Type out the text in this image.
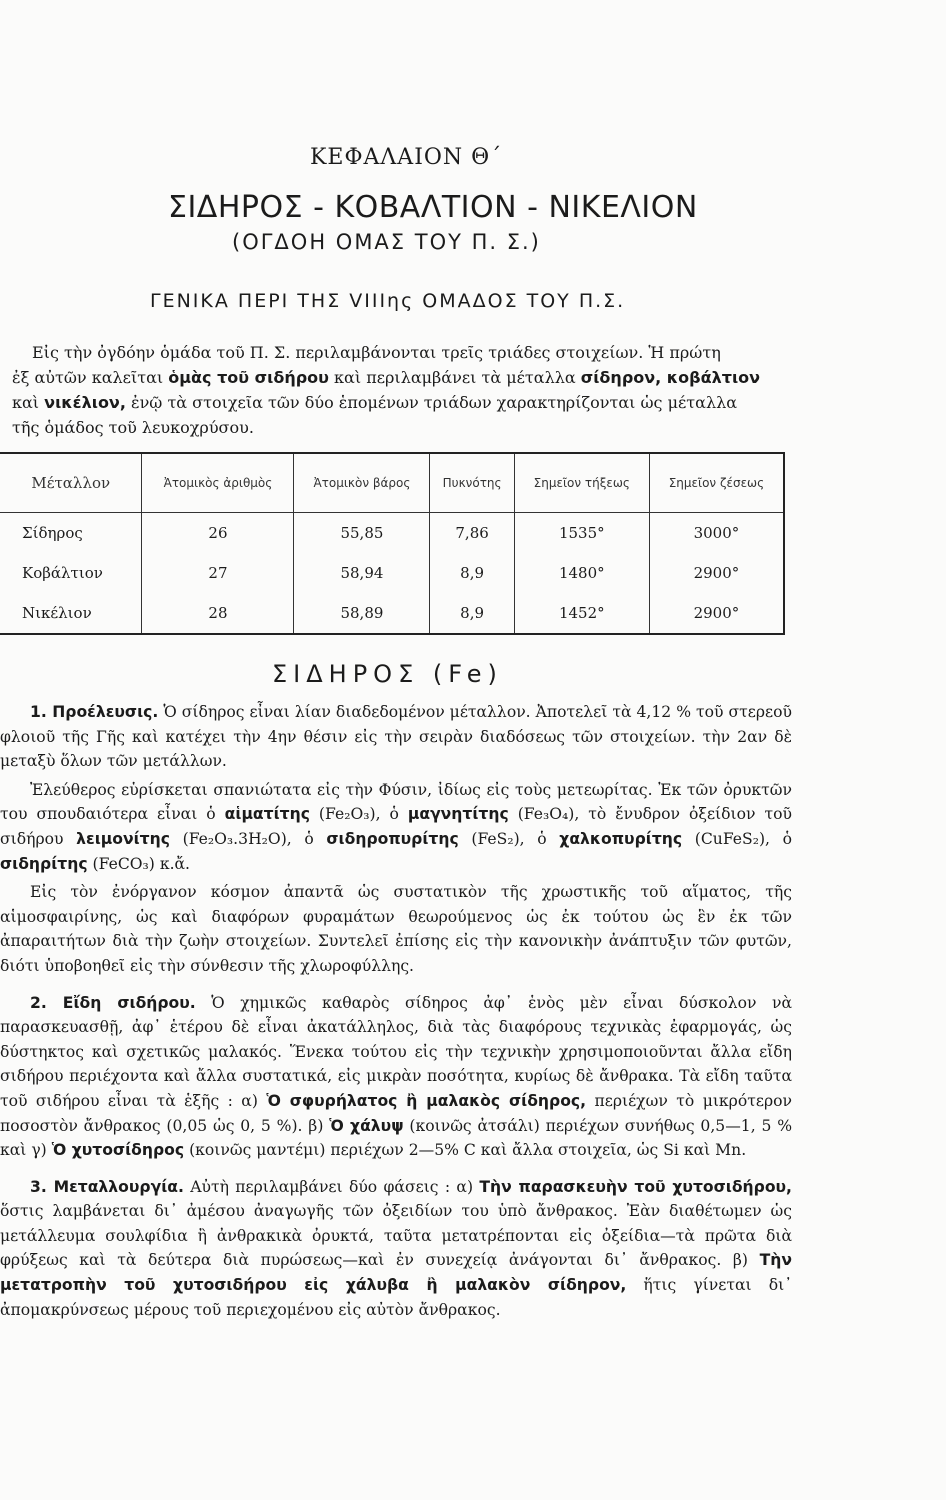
ΚΕΦΑΛΑΙΟΝ Θ΄
ΣΙΔΗΡΟΣ - ΚΟΒΑΛΤΙΟΝ - ΝΙΚΕΛΙΟΝ
(ΟΓΔΟΗ ΟΜΑΣ ΤΟΥ Π. Σ.)
ΓΕΝΙΚΑ ΠΕΡΙ ΤΗΣ VIIIης ΟΜΑΔΟΣ ΤΟΥ Π.Σ.

Εἰς τὴν ὀγδόην ὁμάδα τοῦ Π. Σ. περιλαμβάνονται τρεῖς τριάδες στοιχείων. Ἡ πρώτη

ἐξ αὐτῶν καλεῖται ὁμὰς τοῦ σιδήρου καὶ περιλαμβάνει τὰ μέταλλα σίδηρον, κοβάλτιον

καὶ νικέλιον, ἐνῷ τὰ στοιχεῖα τῶν δύο ἑπομένων τριάδων χαρακτηρίζονται ὡς μέταλλα

τῆς ὁμάδος τοῦ λευκοχρύσου.

Μέταλλον	Ἀτομικὸς ἀριθμὸς	Ἀτομικὸν βάρος	Πυκνότης	Σημεῖον τήξεως	Σημεῖον ζέσεως
Σίδηρος	26	55,85	7,86	1535°	3000°
Κοβάλτιον	27	58,94	8,9	1480°	2900°
Νικέλιον	28	58,89	8,9	1452°	2900°
ΣΙΔΗΡΟΣ (Fe)

1. Προέλευσις. Ὁ σίδηρος εἶναι λίαν διαδεδομένον μέταλλον. Ἀποτελεῖ τὰ 4,12 % τοῦ στερεοῦ φλοιοῦ τῆς Γῆς καὶ κατέχει τὴν 4ην θέσιν εἰς τὴν σειρὰν διαδόσεως τῶν στοιχείων. τὴν 2αν δὲ μεταξὺ ὅλων τῶν μετάλλων.

Ἐλεύθερος εὑρίσκεται σπανιώτατα εἰς τὴν Φύσιν, ἰδίως εἰς τοὺς μετεωρίτας. Ἐκ τῶν ὀρυκτῶν του σπουδαιότερα εἶναι ὁ αἱματίτης (Fe₂O₃), ὁ μαγνητίτης (Fe₃O₄), τὸ ἔνυδρον ὀξείδιον τοῦ σιδήρου λειμονίτης (Fe₂O₃.3H₂O), ὁ σιδηροπυρίτης (FeS₂), ὁ χαλκοπυρίτης (CuFeS₂), ὁ σιδηρίτης (FeCO₃) κ.ἄ.

Εἰς τὸν ἐνόργανον κόσμον ἀπαντᾶ ὡς συστατικὸν τῆς χρωστικῆς τοῦ αἵματος, τῆς αἱμοσφαιρίνης, ὡς καὶ διαφόρων φυραμάτων θεωρούμενος ὡς ἐκ τούτου ὡς ἓν ἐκ τῶν ἀπαραιτήτων διὰ τὴν ζωὴν στοιχείων. Συντελεῖ ἐπίσης εἰς τὴν κανονικὴν ἀνάπτυξιν τῶν φυτῶν, διότι ὑποβοηθεῖ εἰς τὴν σύνθεσιν τῆς χλωροφύλλης.

2. Εἴδη σιδήρου. Ὁ χημικῶς καθαρὸς σίδηρος ἀφ᾽ ἑνὸς μὲν εἶναι δύσκολον νὰ παρασκευασθῇ, ἀφ᾽ ἑτέρου δὲ εἶναι ἀκατάλληλος, διὰ τὰς διαφόρους τεχνικὰς ἐφαρμογάς, ὡς δύστηκτος καὶ σχετικῶς μαλακός. Ἕνεκα τούτου εἰς τὴν τεχνικὴν χρησιμοποιοῦνται ἄλλα εἴδη σιδήρου περιέχοντα καὶ ἄλλα συστατικά, εἰς μικρὰν ποσότητα, κυρίως δὲ ἄνθρακα. Τὰ εἴδη ταῦτα τοῦ σιδήρου εἶναι τὰ ἑξῆς : α) Ὁ σφυρήλατος ἢ μαλακὸς σίδηρος, περιέχων τὸ μικρότερον ποσοστὸν ἄνθρακος (0,05 ὡς 0, 5 %). β) Ὁ χάλυψ (κοινῶς ἀτσάλι) περιέχων συνήθως 0,5—1, 5 % καὶ γ) Ὁ χυτοσίδηρος (κοινῶς μαντέμι) περιέχων 2—5% C καὶ ἄλλα στοιχεῖα, ὡς Si καὶ Mn.

3. Μεταλλουργία. Αὐτὴ περιλαμβάνει δύο φάσεις : α) Τὴν παρασκευὴν τοῦ χυτοσιδήρου, ὅστις λαμβάνεται δι᾽ ἀμέσου ἀναγωγῆς τῶν ὀξειδίων του ὑπὸ ἄνθρακος. Ἐὰν διαθέτωμεν ὡς μετάλλευμα σουλφίδια ἢ ἀνθρακικὰ ὀρυκτά, ταῦτα μετατρέπονται εἰς ὀξείδια—τὰ πρῶτα διὰ φρύξεως καὶ τὰ δεύτερα διὰ πυρώσεως—καὶ ἐν συνεχείᾳ ἀνάγονται δι᾽ ἄνθρακος. β) Τὴν μετατροπὴν τοῦ χυτοσιδήρου εἰς χάλυβα ἢ μαλακὸν σίδηρον, ἥτις γίνεται δι᾽ ἀπομακρύνσεως μέρους τοῦ περιεχομένου εἰς αὐτὸν ἄνθρακος.
